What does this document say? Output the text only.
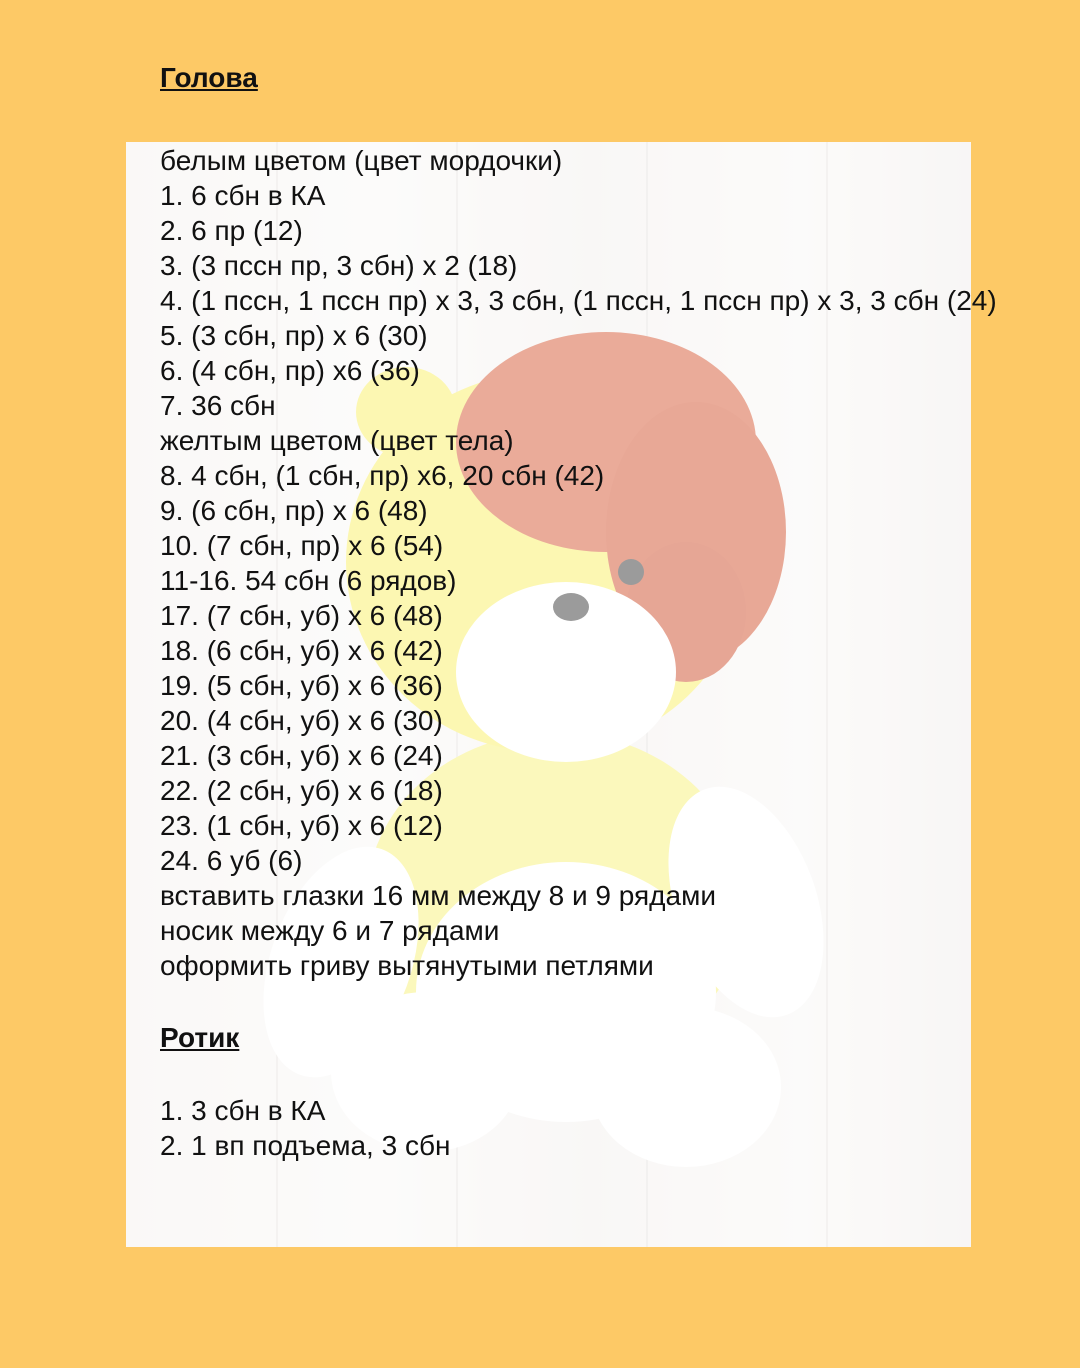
Голова
белым цветом (цвет мордочки)
1. 6 сбн в КА
2. 6 пр (12)
3. (3 пссн пр, 3 сбн) х 2 (18)
4. (1 пссн, 1 пссн пр) х 3, 3 сбн, (1 пссн, 1 пссн пр) х 3, 3 сбн (24)
5. (3 сбн, пр) х 6 (30)
6. (4 сбн, пр) х6 (36)
7. 36 сбн
желтым цветом (цвет тела)
8. 4 сбн, (1 сбн, пр) х6, 20 сбн (42)
9. (6 сбн, пр) х 6 (48)
10. (7 сбн, пр) х 6 (54)
11-16. 54 сбн (6 рядов)
17. (7 сбн, уб) х 6 (48)
18. (6 сбн, уб) х 6 (42)
19. (5 сбн, уб) х 6 (36)
20. (4 сбн, уб) х 6 (30)
21. (3 сбн, уб) х 6 (24)
22. (2 сбн, уб) х 6 (18)
23. (1 сбн, уб) х 6 (12)
24. 6 уб (6)
вставить глазки 16 мм между 8 и 9 рядами
носик между 6 и 7 рядами
оформить гриву вытянутыми петлями
Ротик
1. 3 сбн в КА
2. 1 вп подъема, 3 сбн
